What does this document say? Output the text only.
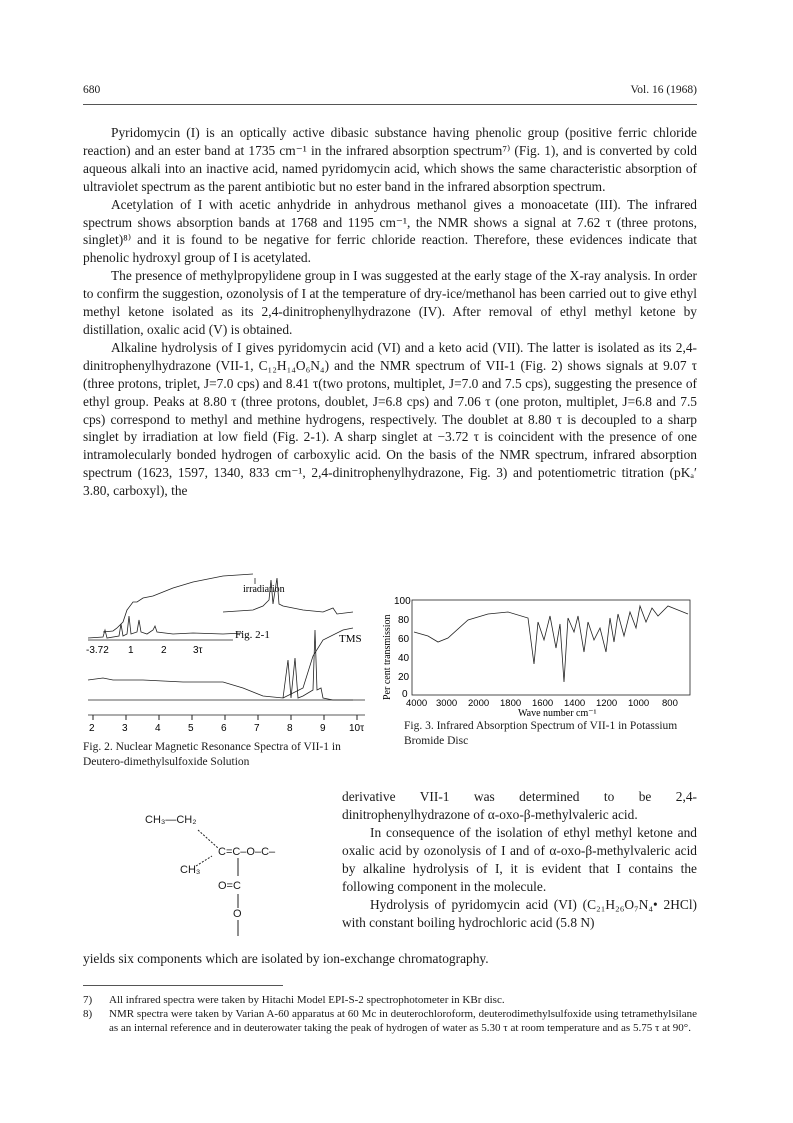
680	Vol. 16 (1968)

Pyridomycin (I) is an optically active dibasic substance having phenolic group (positive ferric chloride reaction) and an ester band at 1735 cm⁻¹ in the infrared absorption spectrum⁷⁾ (Fig. 1), and is converted by cold aqueous alkali into an inactive acid, named pyridomycin acid, which shows the same characteristic absorption of ultraviolet spectrum as the parent antibiotic but no ester band in the infrared absorption spectrum.

Acetylation of I with acetic anhydride in anhydrous methanol gives a monoacetate (III). The infrared spectrum shows absorption bands at 1768 and 1195 cm⁻¹, the NMR shows a signal at 7.62 τ (three protons, singlet)⁸⁾ and it is found to be negative for ferric chloride reaction. Therefore, these evidences indicate that phenolic hydroxyl group of I is acetylated.

The presence of methylpropylidene group in I was suggested at the early stage of the X-ray analysis. In order to confirm the suggestion, ozonolysis of I at the temperature of dry-ice/methanol has been carried out to give ethyl methyl ketone isolated as its 2,4-dinitrophenylhydrazone (IV). After removal of ethyl methyl ketone by distillation, oxalic acid (V) is obtained.

Alkaline hydrolysis of I gives pyridomycin acid (VI) and a keto acid (VII). The latter is isolated as its 2,4-dinitrophenylhydrazone (VII-1, C₁₂H₁₄O₆N₄) and the NMR spectrum of VII-1 (Fig. 2) shows signals at 9.07 τ (three protons, triplet, J=7.0 cps) and 8.41 τ(two protons, multiplet, J=7.0 and 7.5 cps), suggesting the presence of ethyl group. Peaks at 8.80 τ (three protons, doublet, J=6.8 cps) and 7.06 τ (one proton, multiplet, J=6.8 and 7.5 cps) correspond to methyl and methine hydrogens, respectively. The doublet at 8.80 τ is decoupled to a sharp singlet by irradiation at low field (Fig. 2-1). A sharp singlet at −3.72 τ is coincident with the presence of one intramolecularly bonded hydrogen of carboxylic acid. On the basis of the NMR spectrum, infrared absorption spectrum (1623, 1597, 1340, 833 cm⁻¹, 2,4-dinitrophenylhydrazone, Fig. 3) and potentiometric titration (pKₐ′ 3.80, carboxyl), the

-3.72 1	2	3τ
Fig. 2-1
irradiation
TMS
2	3	4	5	6	7	8	9 10τ
Per cent transmission
100
80
60
40
20
0
4000 3000 2000 1800 1600 1400 1200 1000 800
Wave number cm⁻¹
Fig. 2. Nuclear Magnetic Resonance Spectra of VII-1 in Deutero-dimethylsulfoxide Solution
Fig. 3. Infrared Absorption Spectrum of VII-1 in Potassium Bromide Disc
CH₃—CH₂
C=C–O–C–
CH₃
O=C
O

derivative VII-1 was determined to be 2,4-dinitrophenylhydrazone of α-oxo-β-methylvaleric acid.

In consequence of the isolation of ethyl methyl ketone and oxalic acid by ozonolysis of I and of α-oxo-β-methylvaleric acid by alkaline hydrolysis of I, it is evident that I contains the following component in the molecule.

Hydrolysis of pyridomycin acid (VI) (C₂₁H₂₆O₇N₄• 2HCl) with constant boiling hydrochloric acid (5.8 N)

yields six components which are isolated by ion-exchange chromatography.
7)	All infrared spectra were taken by Hitachi Model EPI-S-2 spectrophotometer in KBr disc.
8)	NMR spectra were taken by Varian A-60 apparatus at 60 Mc in deuterochloroform, deuterodimethylsulfoxide using tetramethylsilane as an internal reference and in deuterowater taking the peak of hydrogen of water as 5.30 τ at room temperature and as 5.75 τ at 90°.
